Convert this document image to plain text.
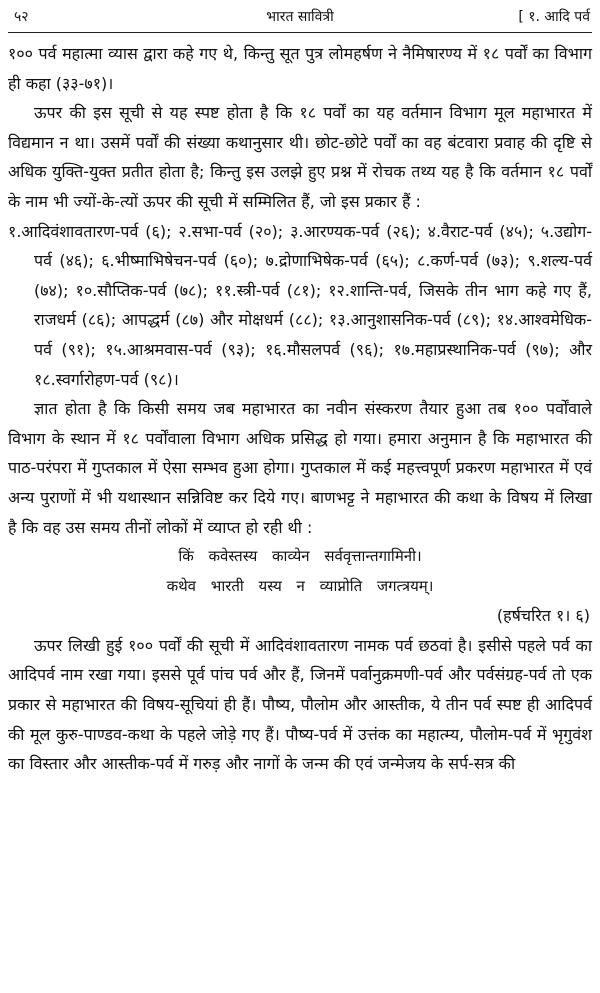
५२	भारत सावित्री	[ १. आदि पर्व

१०० पर्व महात्मा व्यास द्वारा कहे गए थे, किन्तु सूत पुत्र लोमहर्षण ने नैमिषारण्य में १८ पर्वों का विभाग ही कहा (३३-७१)।

ऊपर की इस सूची से यह स्पष्ट होता है कि १८ पर्वों का यह वर्तमान विभाग मूल महाभारत में विद्यमान न था। उसमें पर्वों की संख्या कथानुसार थी। छोट-छोटे पर्वों का वह बंटवारा प्रवाह की दृष्टि से अधिक युक्ति-युक्त प्रतीत होता है; किन्तु इस उलझे हुए प्रश्न में रोचक तथ्य यह है कि वर्तमान १८ पर्वों के नाम भी ज्यों-के-त्यों ऊपर की सूची में सम्मिलित हैं, जो इस प्रकार हैं :

१.आदिवंशावतारण-पर्व (६); २.सभा-पर्व (२०); ३.आरण्यक-पर्व (२६); ४.वैराट-पर्व (४५); ५.उद्योग-पर्व (४६); ६.भीष्माभिषेचन-पर्व (६०); ७.द्रोणाभिषेक-पर्व (६५); ८.कर्ण-पर्व (७३); ९.शल्य-पर्व (७४); १०.सौप्तिक-पर्व (७८); ११.स्त्री-पर्व (८१); १२.शान्ति-पर्व, जिसके तीन भाग कहे गए हैं, राजधर्म (८६); आपद्धर्म (८७) और मोक्षधर्म (८८); १३.आनुशासनिक-पर्व (८९); १४.आश्वमेधिक-पर्व (९१); १५.आश्रमवास-पर्व (९३); १६.मौसलपर्व (९६); १७.महाप्रस्थानिक-पर्व (९७); और १८.स्वर्गारोहण-पर्व (९८)।

ज्ञात होता है कि किसी समय जब महाभारत का नवीन संस्करण तैयार हुआ तब १०० पर्वोंवाले विभाग के स्थान में १८ पर्वोंवाला विभाग अधिक प्रसिद्ध हो गया। हमारा अनुमान है कि महाभारत की पाठ-परंपरा में गुप्तकाल में ऐसा सम्भव हुआ होगा। गुप्तकाल में कई महत्त्वपूर्ण प्रकरण महाभारत में एवं अन्य पुराणों में भी यथास्थान सन्निविष्ट कर दिये गए। बाणभट्ट ने महाभारत की कथा के विषय में लिखा है कि वह उस समय तीनों लोकों में व्याप्त हो रही थी :

किं कवेस्तस्य काव्येन सर्ववृत्तान्तगामिनी।

कथेव भारती यस्य न व्याप्नोति जगत्त्रयम्।

(हर्षचरित १। ६)

ऊपर लिखी हुई १०० पर्वों की सूची में आदिवंशावतारण नामक पर्व छठवां है। इसीसे पहले पर्व का आदिपर्व नाम रखा गया। इससे पूर्व पांच पर्व और हैं, जिनमें पर्वानुक्रमणी-पर्व और पर्वसंग्रह-पर्व तो एक प्रकार से महाभारत की विषय-सूचियां ही हैं। पौष्य, पौलोम और आस्तीक, ये तीन पर्व स्पष्ट ही आदिपर्व की मूल कुरु-पाण्डव-कथा के पहले जोड़े गए हैं। पौष्य-पर्व में उत्तंक का महात्म्य, पौलोम-पर्व में भृगुवंश का विस्तार और आस्तीक-पर्व में गरुड़ और नागों के जन्म की एवं जन्मेजय के सर्प-सत्र की
